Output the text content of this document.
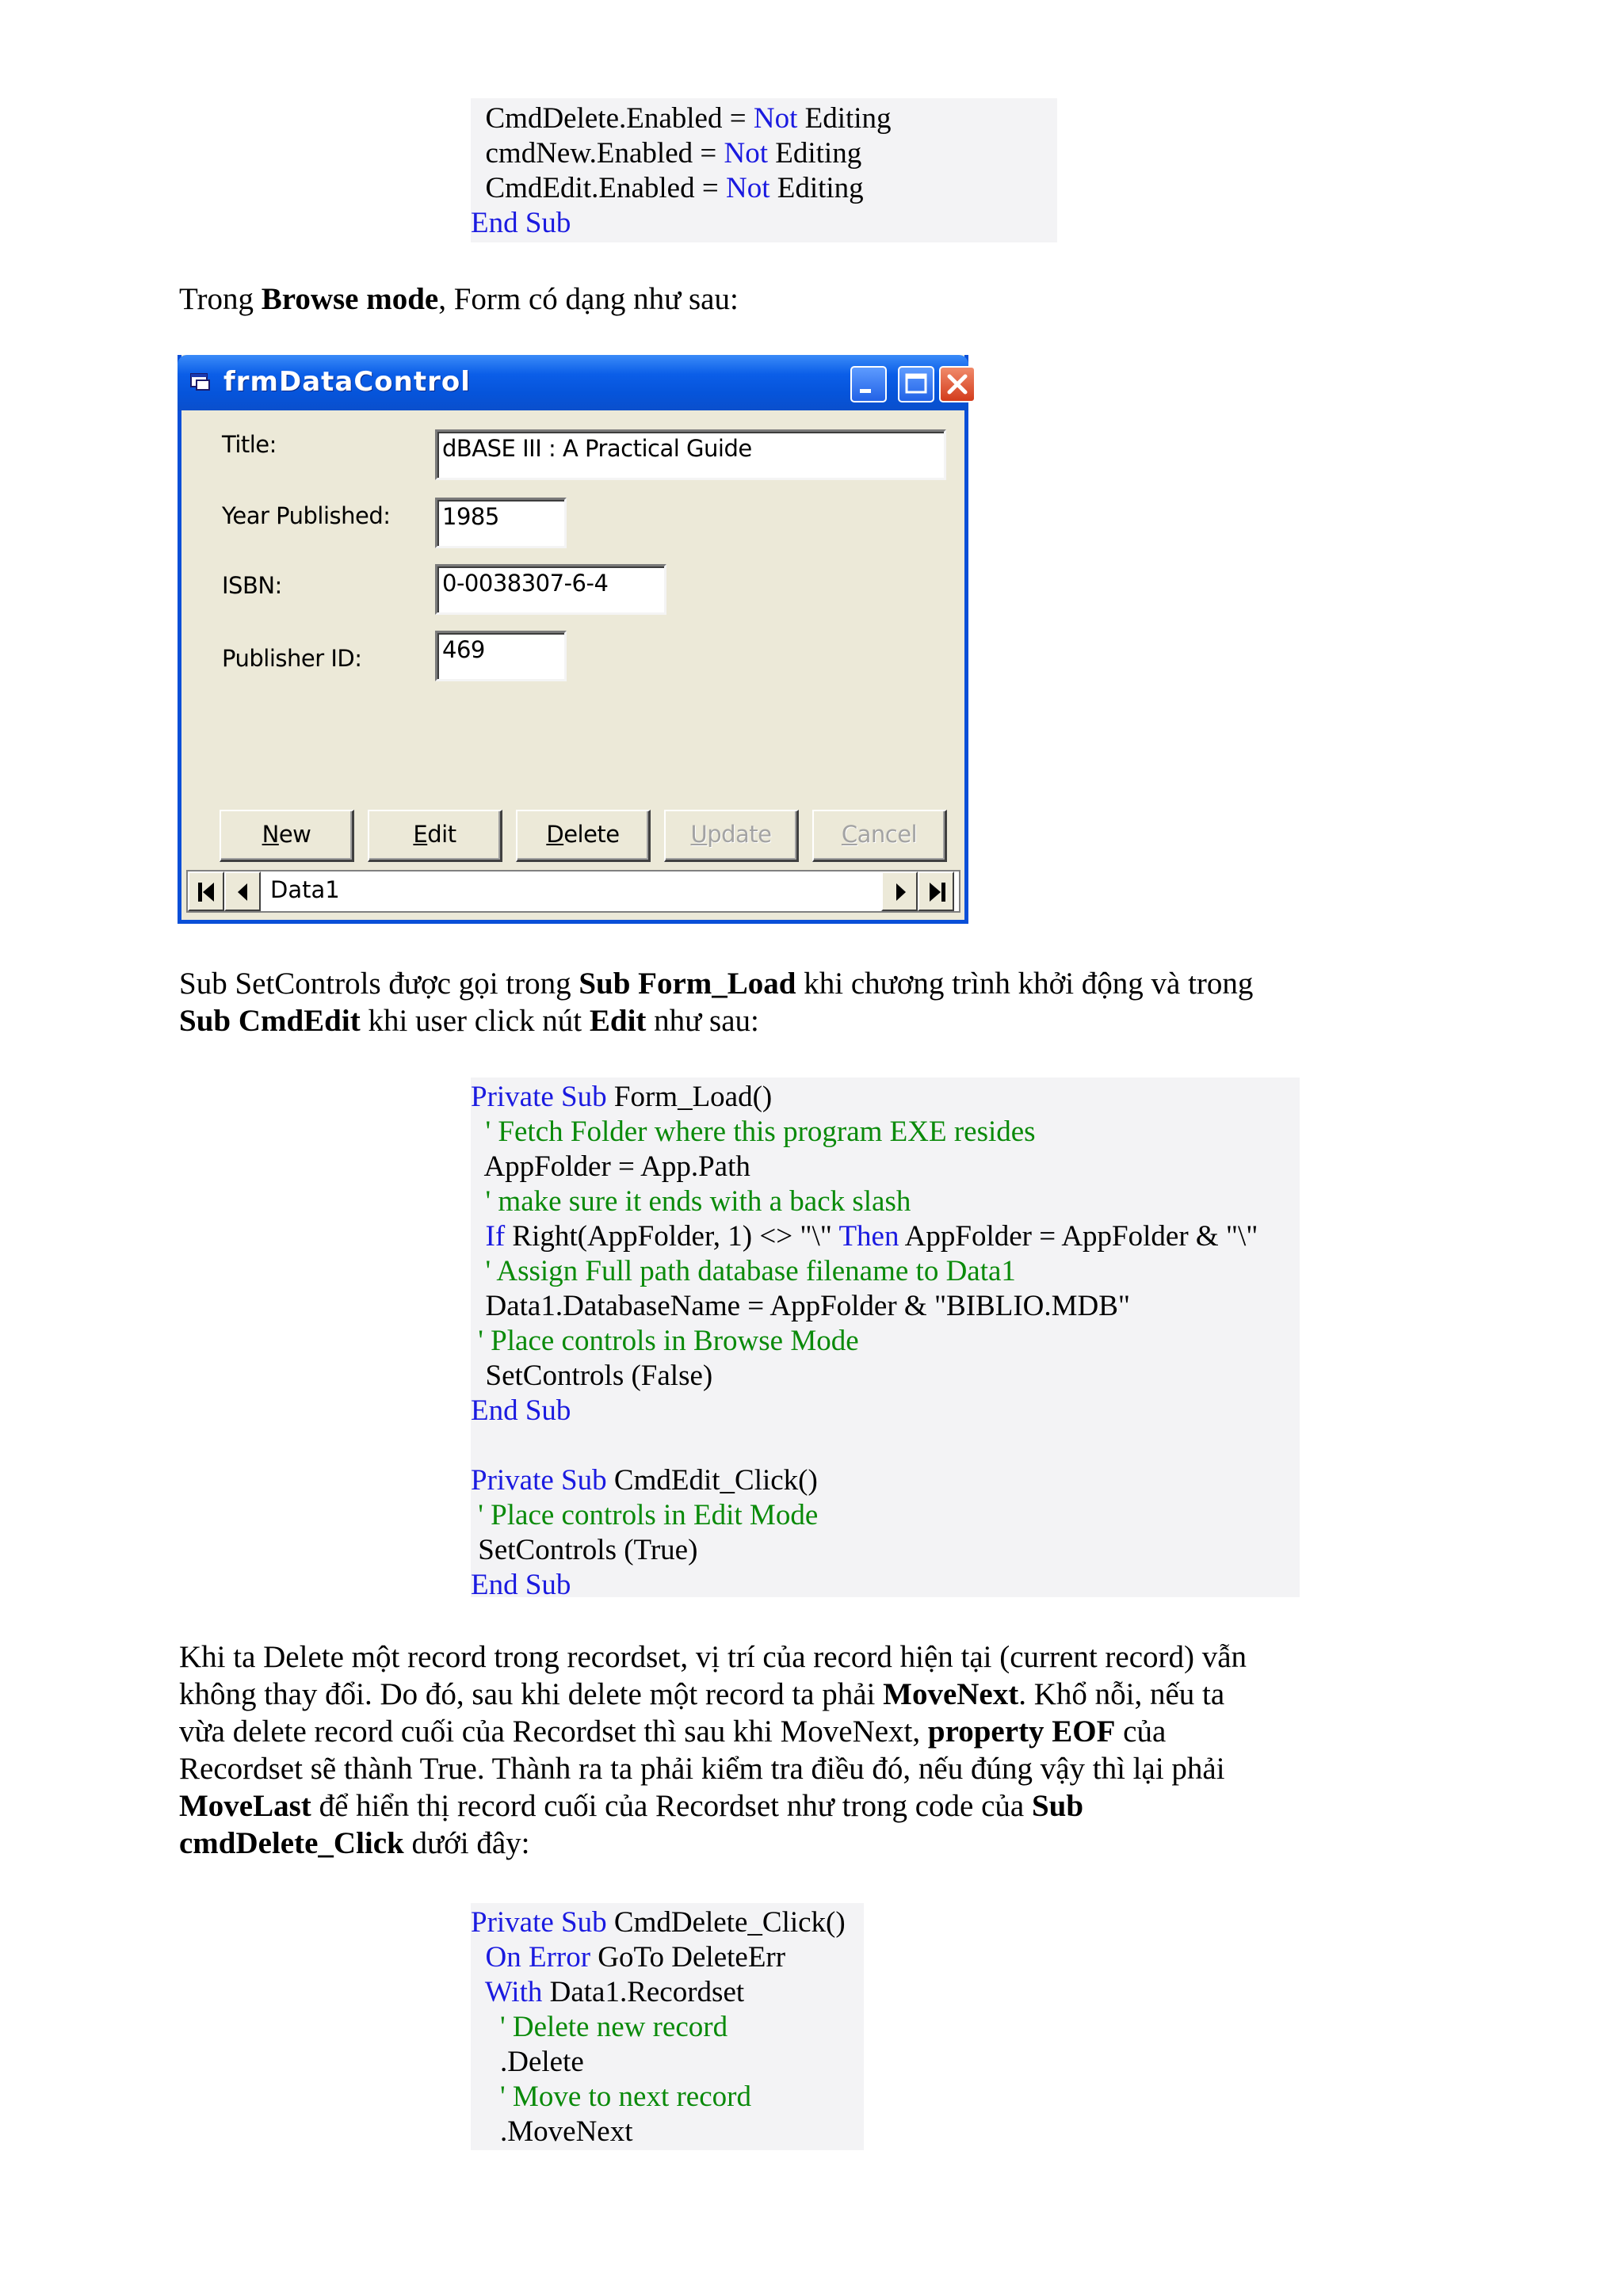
CmdDelete.Enabled = Not Editing
cmdNew.Enabled = Not Editing
CmdEdit.Enabled = Not Editing
End Sub
Trong Browse mode, Form có dạng như sau:
frmDataControl
Title:	dBASE III : A Practical Guide
Year Published:	1985
ISBN:	0-0038307-6-4
Publisher ID:	469
New	Edit	Delete	Update	Cancel
Data1
Sub SetControls được gọi trong Sub Form_Load khi chương trình khởi động và trong
Sub CmdEdit khi user click nút Edit như sau:
Private Sub Form_Load()
' Fetch Folder where this program EXE resides
AppFolder = App.Path
' make sure it ends with a back slash
If Right(AppFolder, 1) <> "\" Then AppFolder = AppFolder & "\"
' Assign Full path database filename to Data1
Data1.DatabaseName = AppFolder & "BIBLIO.MDB"
' Place controls in Browse Mode
SetControls (False)
End Sub
Private Sub CmdEdit_Click()
' Place controls in Edit Mode
SetControls (True)
End Sub
Khi ta Delete một record trong recordset, vị trí của record hiện tại (current record) vẫn
không thay đổi. Do đó, sau khi delete một record ta phải MoveNext. Khổ nỗi, nếu ta
vừa delete record cuối của Recordset thì sau khi MoveNext, property EOF của
Recordset sẽ thành True. Thành ra ta phải kiểm tra điều đó, nếu đúng vậy thì lại phải
MoveLast để hiển thị record cuối của Recordset như trong code của Sub
cmdDelete_Click dưới đây:
Private Sub CmdDelete_Click()
On Error GoTo DeleteErr
With Data1.Recordset
' Delete new record
.Delete
' Move to next record
.MoveNext
